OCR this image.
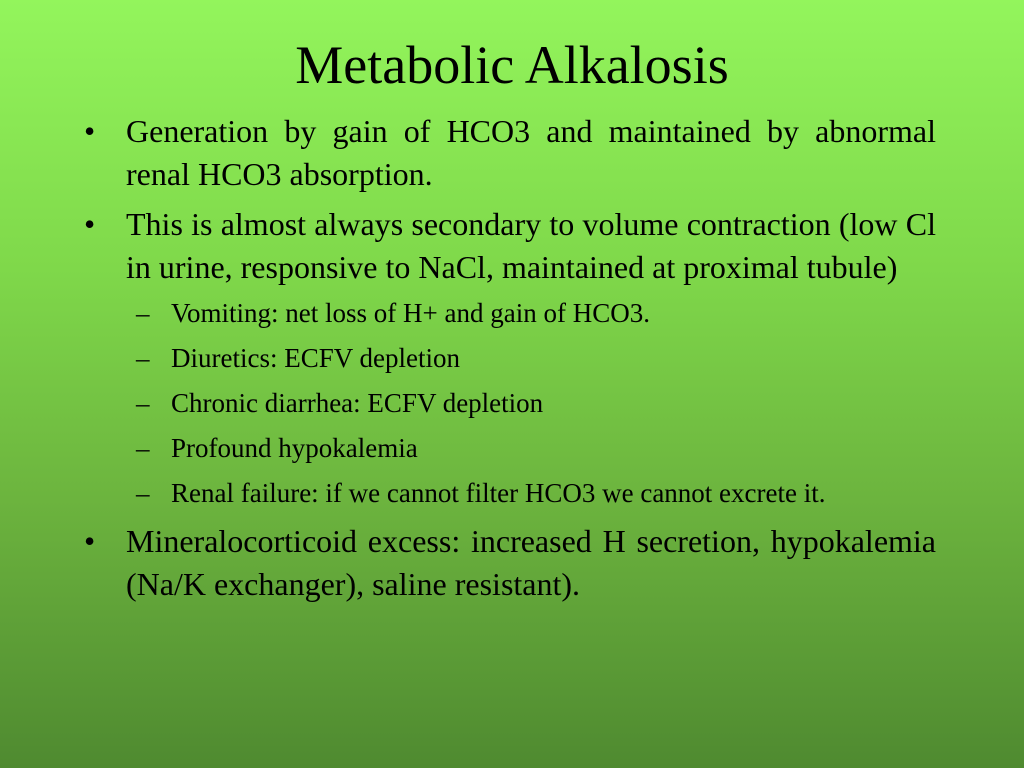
Metabolic Alkalosis
• Generation by gain of HCO3 and maintained by abnormal renal HCO3 absorption.
• This is almost always secondary to volume contraction (low Cl in urine, responsive to NaCl, maintained at proximal tubule)
– Vomiting: net loss of H+ and gain of HCO3.
– Diuretics: ECFV depletion
– Chronic diarrhea: ECFV depletion
– Profound hypokalemia
– Renal failure: if we cannot filter HCO3 we cannot excrete it.
• Mineralocorticoid excess: increased H secretion, hypokalemia (Na/K exchanger), saline resistant).
